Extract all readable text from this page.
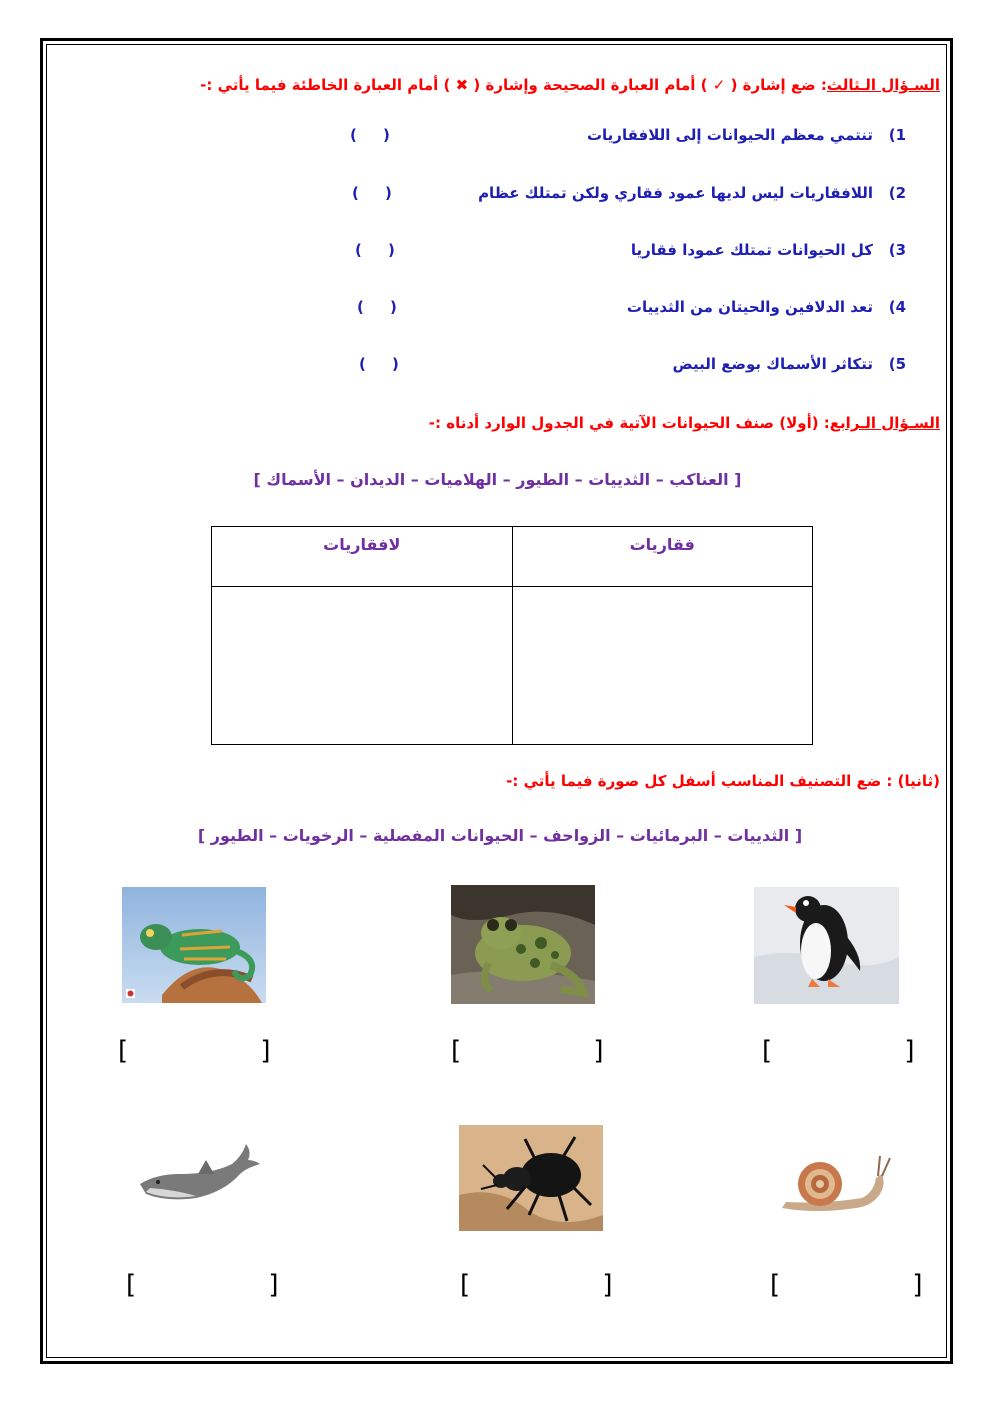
السـؤال الـثالث: ضع إشارة ( ✓ ) أمام العبارة الصحيحة وإشارة ( ✖ ) أمام العبارة الخاطئة فيما يأتي :-
1)   تنتمي معظم الحيوانات إلى اللافقاريات
(     )
2)   اللافقاريات ليس لديها عمود فقاري ولكن تمتلك عظام
(     )
3)   كل الحيوانات تمتلك عمودا فقاريا
(     )
4)   تعد الدلافين والحيتان من الثدييات
(     )
5)   تتكاثر الأسماك بوضع البيض
(     )
السـؤال الـرابع: (أولا) صنف الحيوانات الآتية في الجدول الوارد أدناه :-
[ العناكب – الثدييات – الطيور – الهلاميات – الديدان – الأسماك ]
فقاريات	لافقاريات

(ثانيا) : ضع التصنيف المناسب أسفل كل صورة فيما يأتي :-
[ الثدييات – البرمائيات – الزواحف – الحيوانات المفصلية – الرخويات – الطيور ]
[                ]
[                ]
[                ]
[                ]
[                ]
[                ]
